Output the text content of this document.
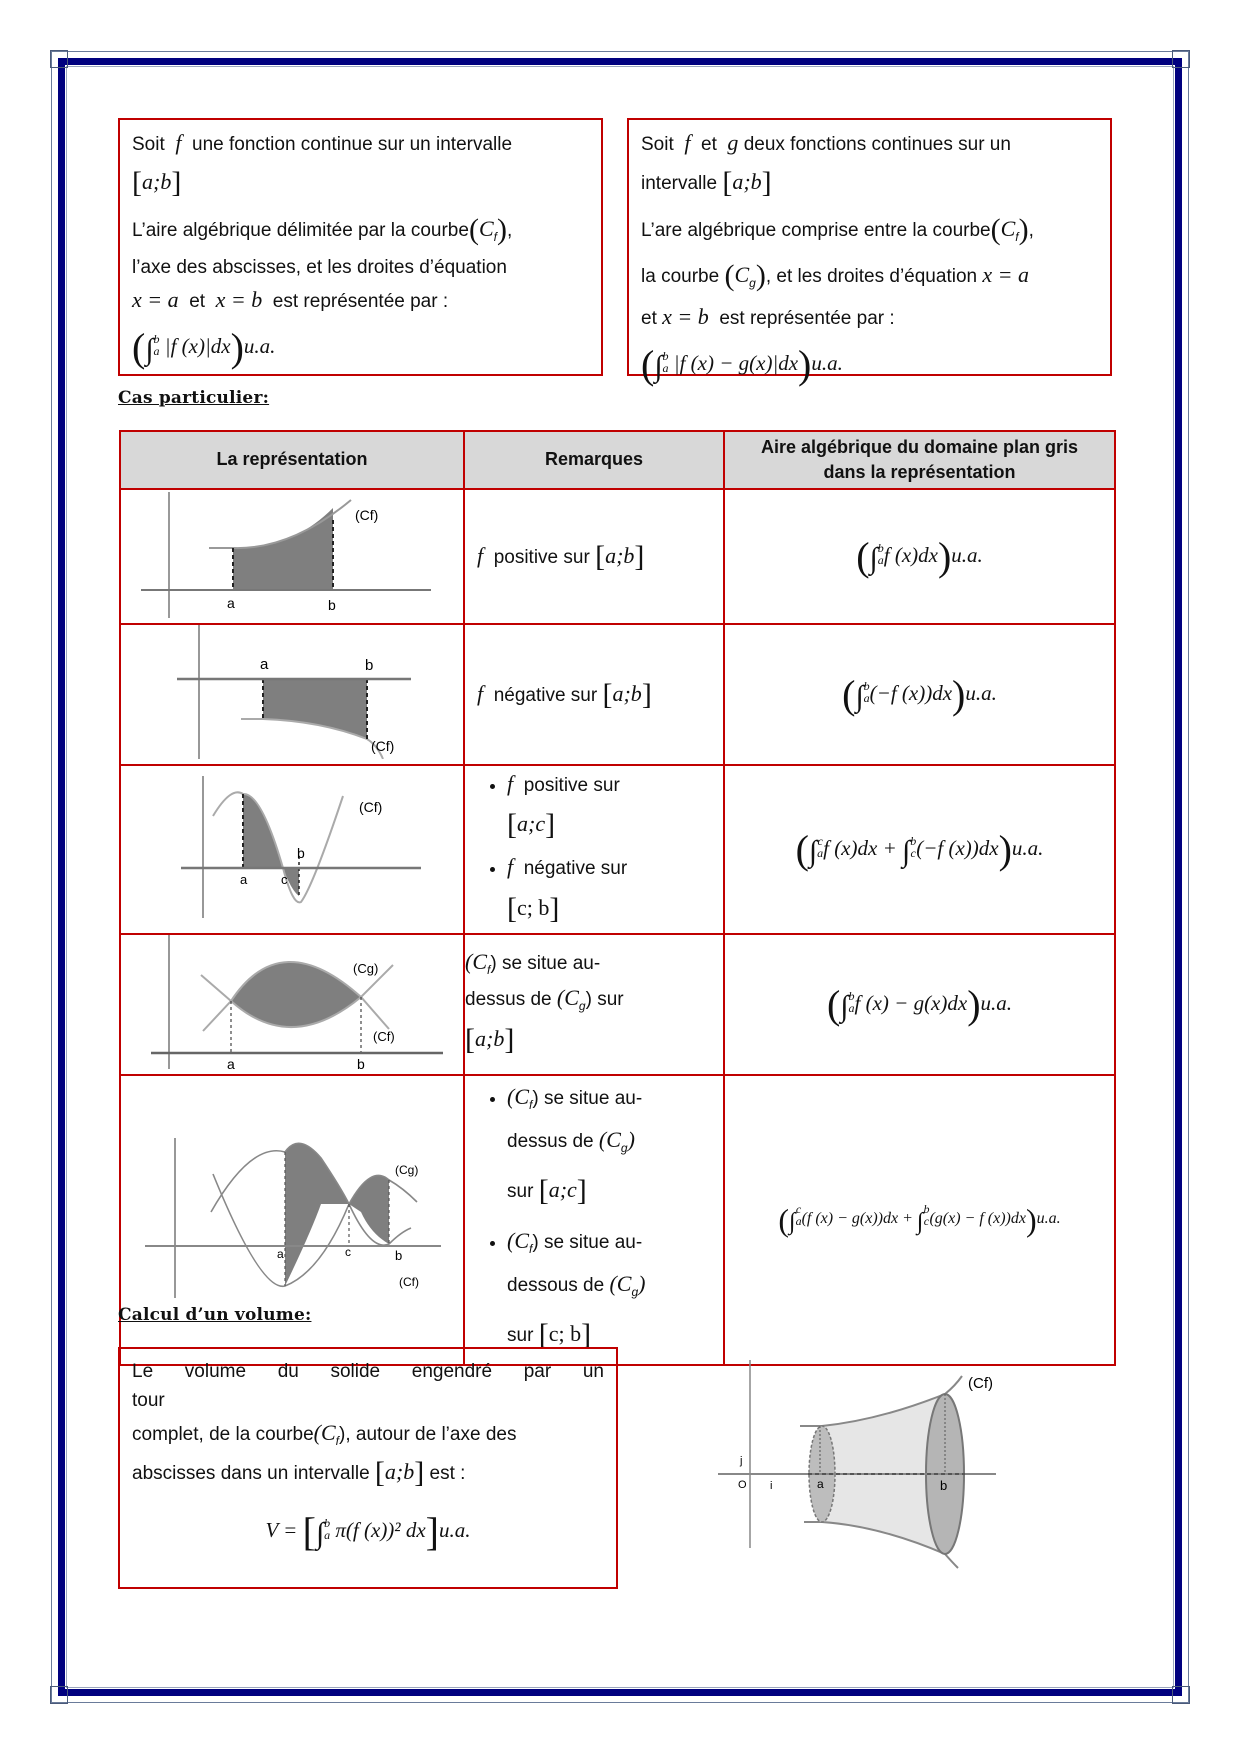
Soit f une fonction continue sur un intervalle
[a;b]
L’aire algébrique délimitée par la $courbe(C_f)$,
l’axe des abscisses, et les droites d’équation
x = a et x = b est représentée par :
(∫ b
a |f (x)|dx)u.a.
Soit f et g deux fonctions continues sur un
intervalle [a;b]
L’are algébrique comprise entre la $courbe(C_f)$,
la courbe $(C_g)$, et les droites d’équation x = a
et x = b est représentée par :
(∫ b
a |f (x) − g(x)|dx)u.a.
Cas particulier:
La représentation	Remarques	Aire algébrique du domaine plan gris
dans la représentation

a b
(Cf)	f positive sur [a;b]	(∫ b
a f (x)dx)u.a.

a b
(Cf)	f négative sur [a;b]	(∫ b
a (−f (x))dx)u.a.

a	c
b
(Cf)

• f positive sur
[a;c]
• f négative sur
[c; b]
	(∫ c
a f (x)dx + ∫ b
c (−f (x))dx)u.a.

a	b
(Cg)
(Cf)

$(C_f)$ se situe au-
dessus de $(C_g)$ sur
[a;b]
	(∫ b
a f (x) − g(x)dx)u.a.

a	c	b
(Cg)
(Cf)

• $(C_f)$ se situe au-
dessus de $(C_g)$
sur [a;c]
• $(C_f)$ se situe au-
dessous de $(C_g)$
sur [c; b]
	(∫ c
a (f (x) − g(x))dx + ∫ b
c (g(x) − f (x))dx)u.a.
Calcul d’un volume:
Le volume du solide engendré par un tour
complet, de la $courbe(C_f)$, autour de l’axe des
abscisses dans un intervalle [a;b] est :
V = [∫ b
a π(f (x))² dx]u.a.
O i
j
a	b
(Cf)
